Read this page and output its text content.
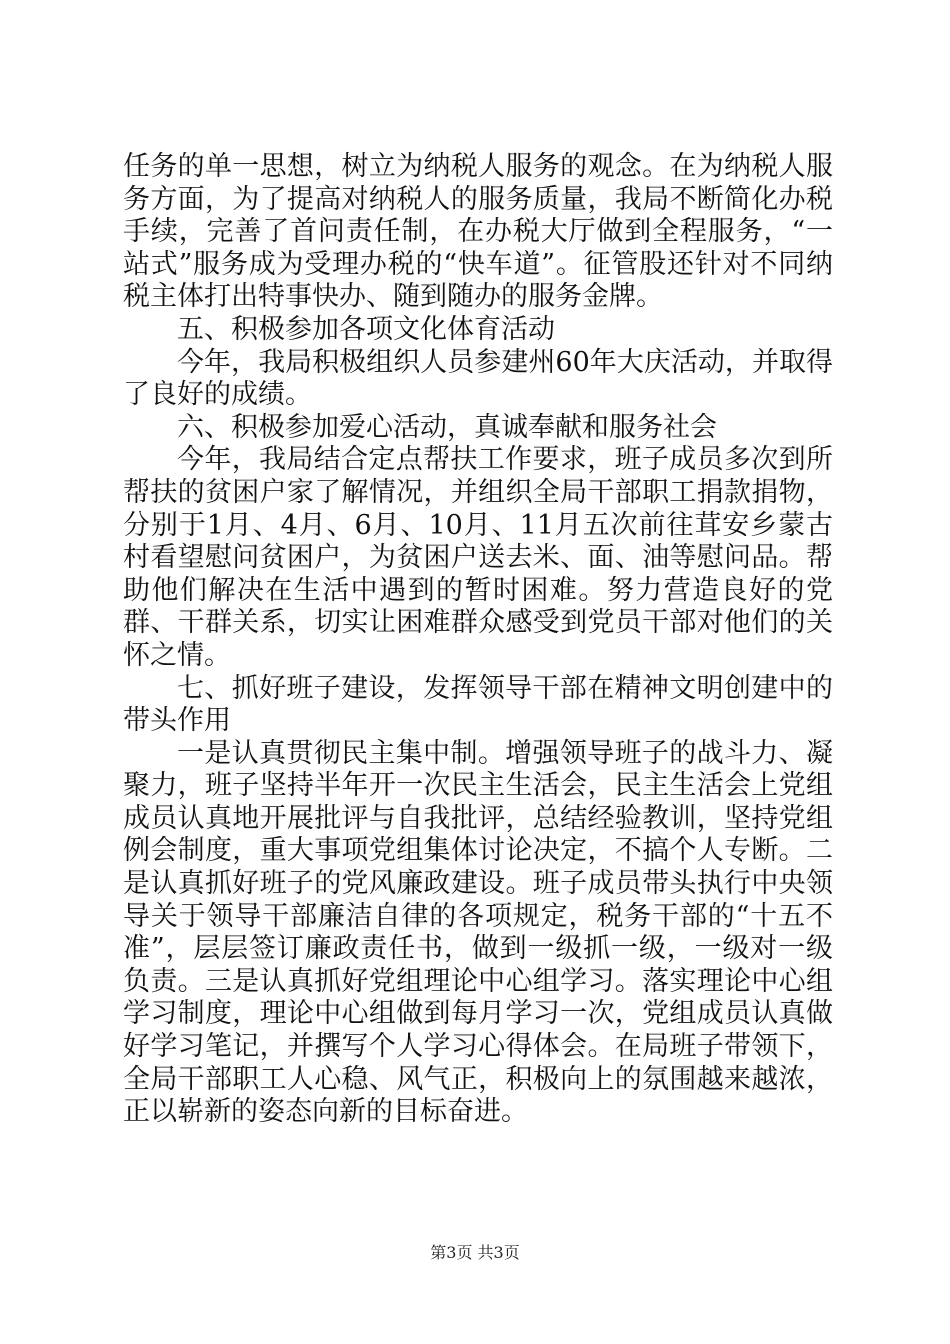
任务的单一思想，树立为纳税人服务的观念。在为纳税人服务方面，为了提高对纳税人的服务质量，我局不断简化办税手续，完善了首问责任制，在办税大厅做到全程服务，“一站式”服务成为受理办税的“快车道”。征管股还针对不同纳税主体打出特事快办、随到随办的服务金牌。

五、积极参加各项文化体育活动

今年，我局积极组织人员参建州60年大庆活动，并取得了良好的成绩。

六、积极参加爱心活动，真诚奉献和服务社会

今年，我局结合定点帮扶工作要求，班子成员多次到所帮扶的贫困户家了解情况，并组织全局干部职工捐款捐物，分别于1月、4月、6月、10月、11月五次前往茸安乡蒙古村看望慰问贫困户，为贫困户送去米、面、油等慰问品。帮助他们解决在生活中遇到的暂时困难。努力营造良好的党群、干群关系，切实让困难群众感受到党员干部对他们的关怀之情。

七、抓好班子建设，发挥领导干部在精神文明创建中的带头作用

一是认真贯彻民主集中制。增强领导班子的战斗力、凝聚力，班子坚持半年开一次民主生活会，民主生活会上党组成员认真地开展批评与自我批评，总结经验教训，坚持党组例会制度，重大事项党组集体讨论决定，不搞个人专断。二是认真抓好班子的党风廉政建设。班子成员带头执行中央领导关于领导干部廉洁自律的各项规定，税务干部的“十五不准”，层层签订廉政责任书，做到一级抓一级，一级对一级负责。三是认真抓好党组理论中心组学习。落实理论中心组学习制度，理论中心组做到每月学习一次，党组成员认真做好学习笔记，并撰写个人学习心得体会。在局班子带领下，全局干部职工人心稳、风气正，积极向上的氛围越来越浓，正以崭新的姿态向新的目标奋进。

第3页 共3页
